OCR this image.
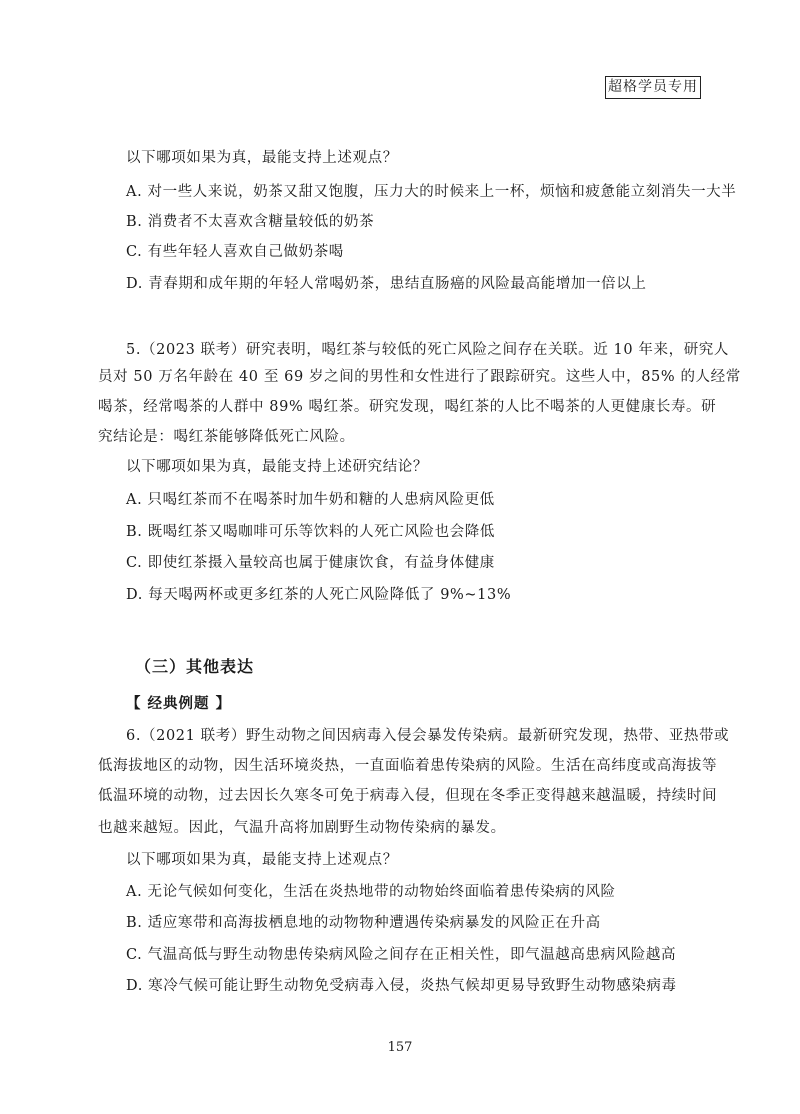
超格学员专用
以下哪项如果为真，最能支持上述观点？
A. 对一些人来说，奶茶又甜又饱腹，压力大的时候来上一杯，烦恼和疲惫能立刻消失一大半
B. 消费者不太喜欢含糖量较低的奶茶
C. 有些年轻人喜欢自己做奶茶喝
D. 青春期和成年期的年轻人常喝奶茶，患结直肠癌的风险最高能增加一倍以上
5.（2023 联考）研究表明，喝红茶与较低的死亡风险之间存在关联。近 10 年来，研究人
员对 50 万名年龄在 40 至 69 岁之间的男性和女性进行了跟踪研究。这些人中，85% 的人经常
喝茶，经常喝茶的人群中 89% 喝红茶。研究发现，喝红茶的人比不喝茶的人更健康长寿。研
究结论是：喝红茶能够降低死亡风险。
以下哪项如果为真，最能支持上述研究结论？
A. 只喝红茶而不在喝茶时加牛奶和糖的人患病风险更低
B. 既喝红茶又喝咖啡可乐等饮料的人死亡风险也会降低
C. 即使红茶摄入量较高也属于健康饮食，有益身体健康
D. 每天喝两杯或更多红茶的人死亡风险降低了 9%~13%
（三）其他表达
【 经典例题 】
6.（2021 联考）野生动物之间因病毒入侵会暴发传染病。最新研究发现，热带、亚热带或
低海拔地区的动物，因生活环境炎热，一直面临着患传染病的风险。生活在高纬度或高海拔等
低温环境的动物，过去因长久寒冬可免于病毒入侵，但现在冬季正变得越来越温暖，持续时间
也越来越短。因此，气温升高将加剧野生动物传染病的暴发。
以下哪项如果为真，最能支持上述观点？
A. 无论气候如何变化，生活在炎热地带的动物始终面临着患传染病的风险
B. 适应寒带和高海拔栖息地的动物物种遭遇传染病暴发的风险正在升高
C. 气温高低与野生动物患传染病风险之间存在正相关性，即气温越高患病风险越高
D. 寒冷气候可能让野生动物免受病毒入侵，炎热气候却更易导致野生动物感染病毒
157
